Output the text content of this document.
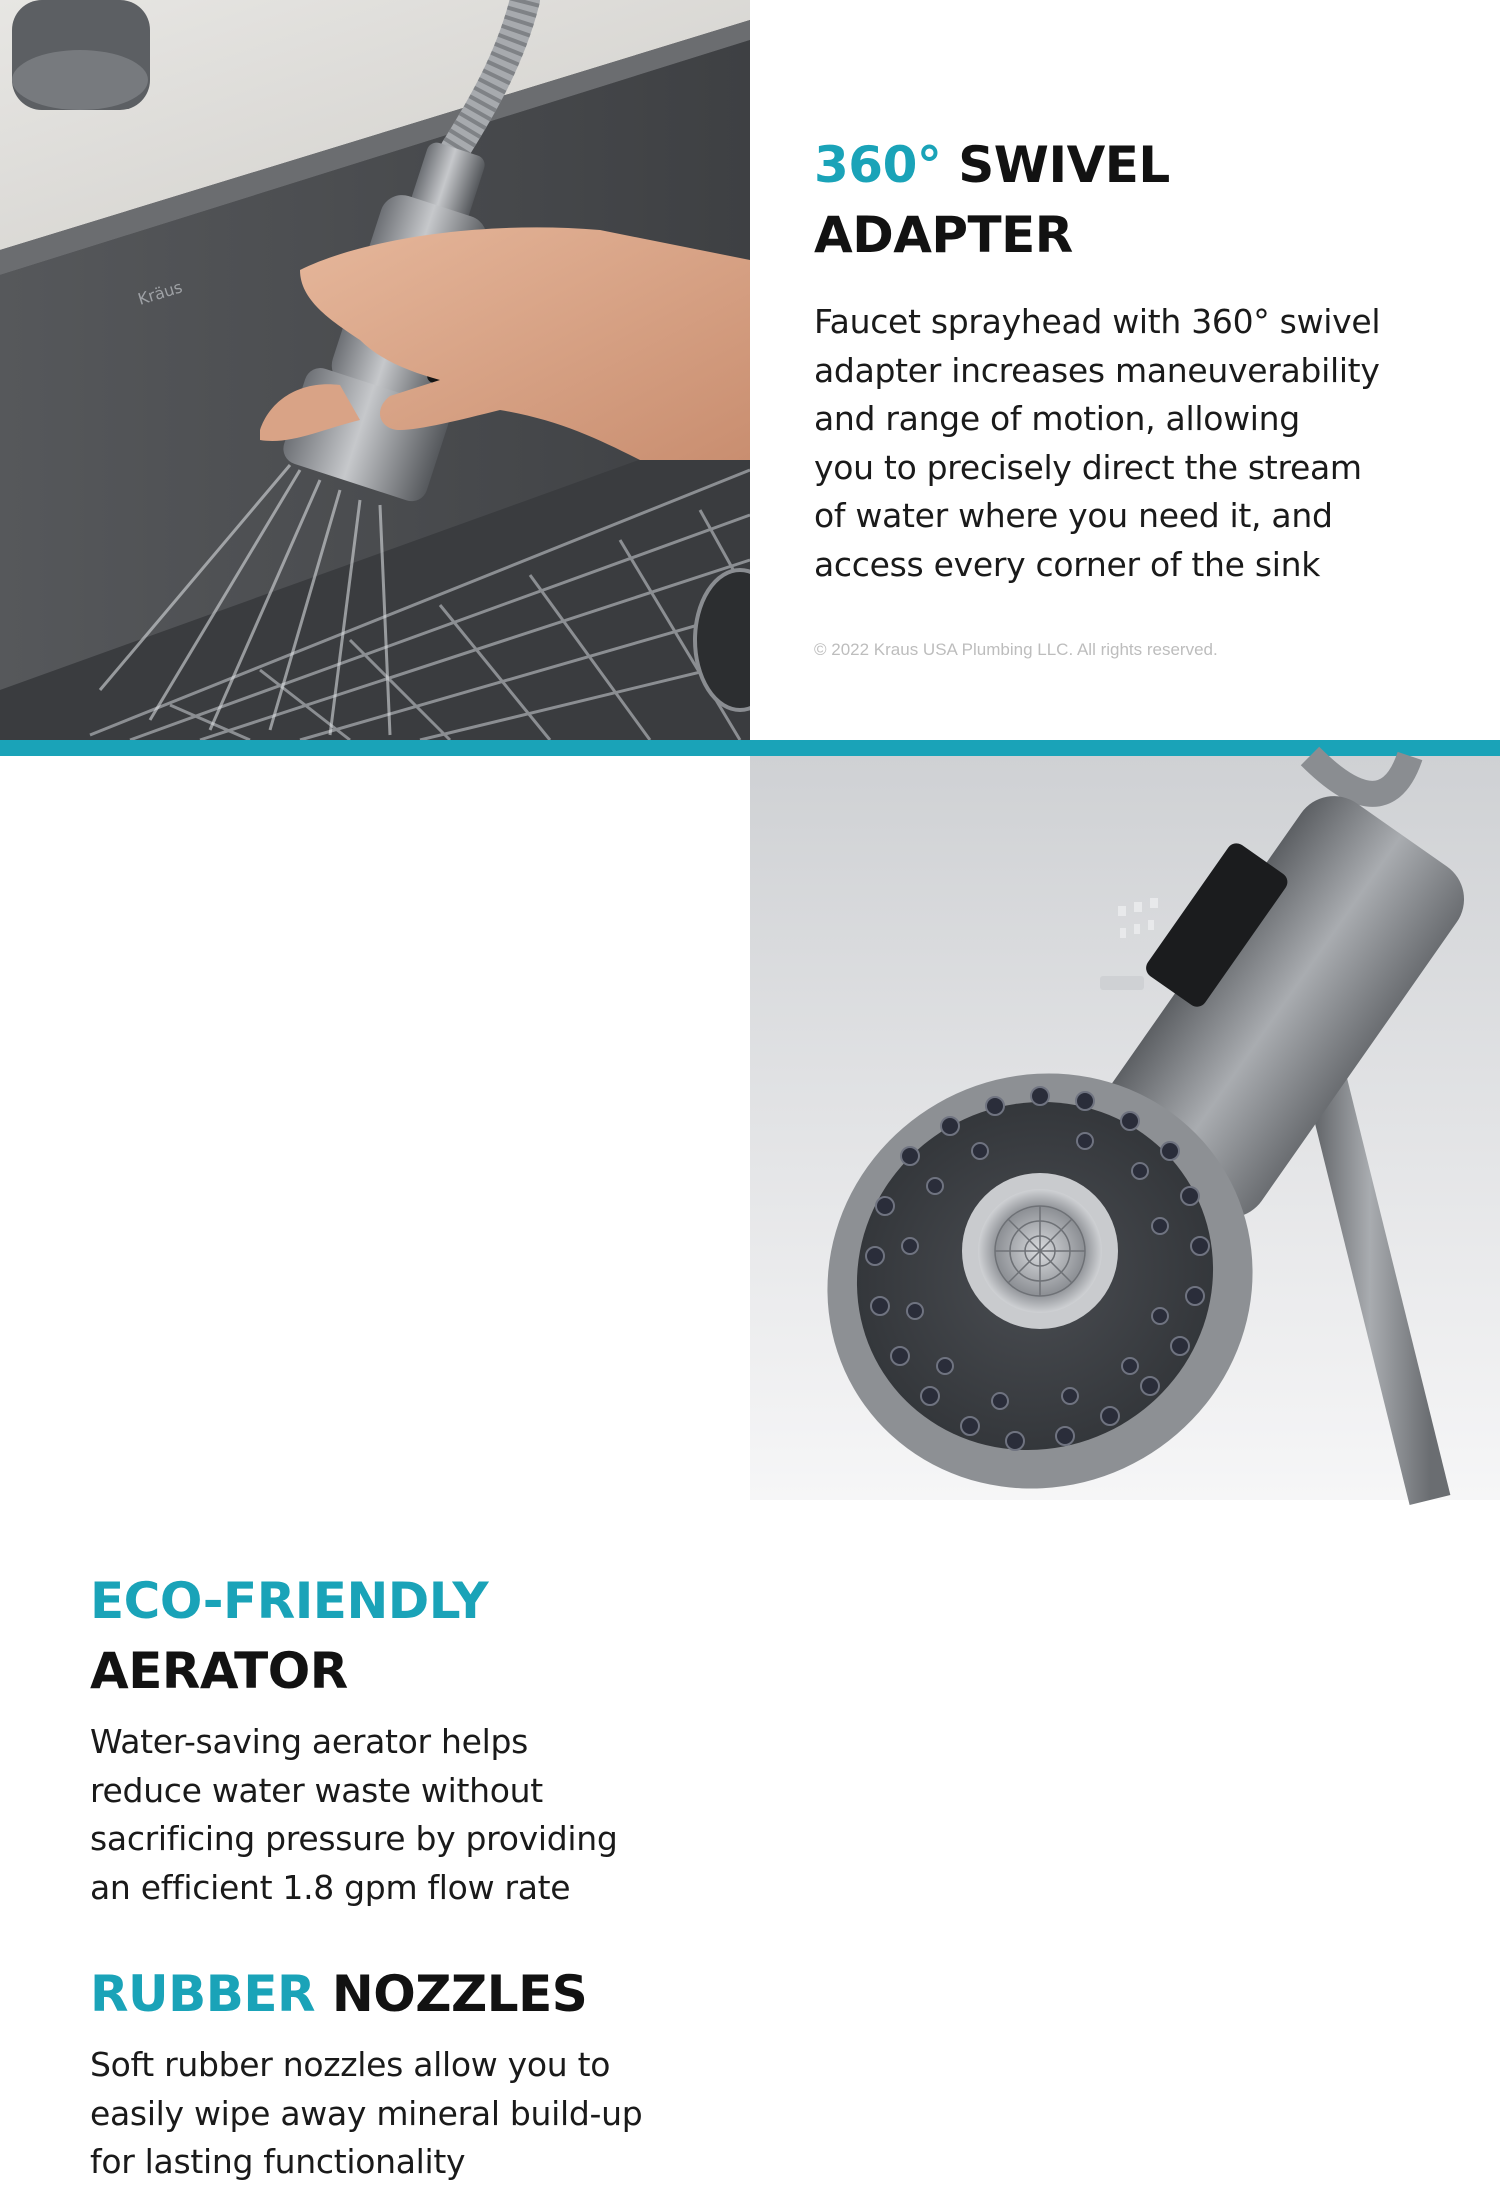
Kräus
360° SWIVEL
ADAPTER

Faucet sprayhead with 360° swivel
adapter increases maneuverability
and range of motion, allowing
you to precisely direct the stream
of water where you need it, and
access every corner of the sink

© 2022 Kraus USA Plumbing LLC. All rights reserved.

ECO-FRIENDLY
AERATOR

Water-saving aerator helps
reduce water waste without
sacrificing pressure by providing
an efficient 1.8 gpm flow rate

RUBBER NOZZLES

Soft rubber nozzles allow you to
easily wipe away mineral build-up
for lasting functionality
